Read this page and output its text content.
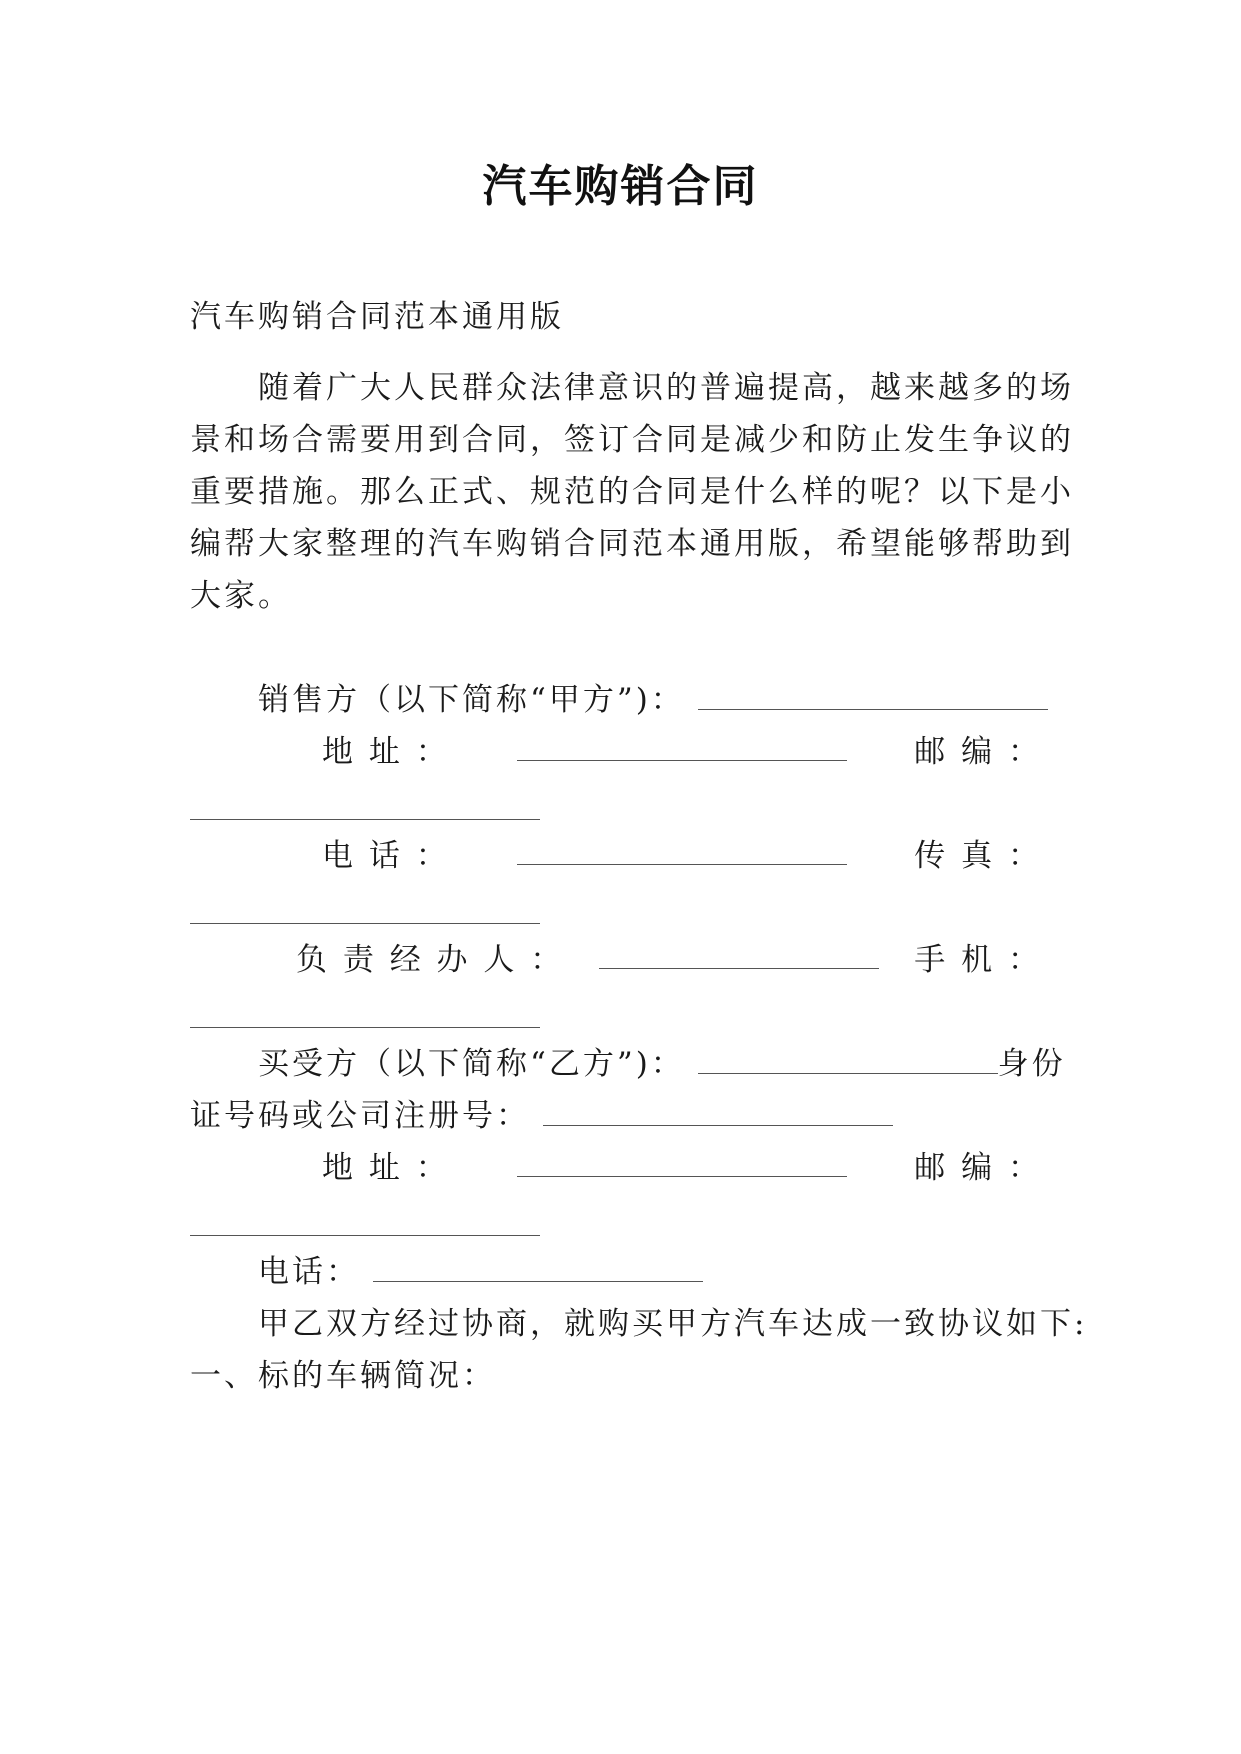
汽车购销合同
汽车购销合同范本通用版
随着广大人民群众法律意识的普遍提高，越来越多的场
景和场合需要用到合同，签订合同是减少和防止发生争议的
重要措施。那么正式、规范的合同是什么样的呢？以下是小
编帮大家整理的汽车购销合同范本通用版，希望能够帮助到
大家。
销售方（以下简称“甲方”)：
地 址 ：	邮 编 ：
电 话 ：	传 真 ：
负 责 经 办 人 ：	手 机 ：
买受方（以下简称“乙方”)：	身份
证号码或公司注册号：
地 址 ：	邮 编 ：
电话：
甲乙双方经过协商，就购买甲方汽车达成一致协议如下:
一、标的车辆简况：
